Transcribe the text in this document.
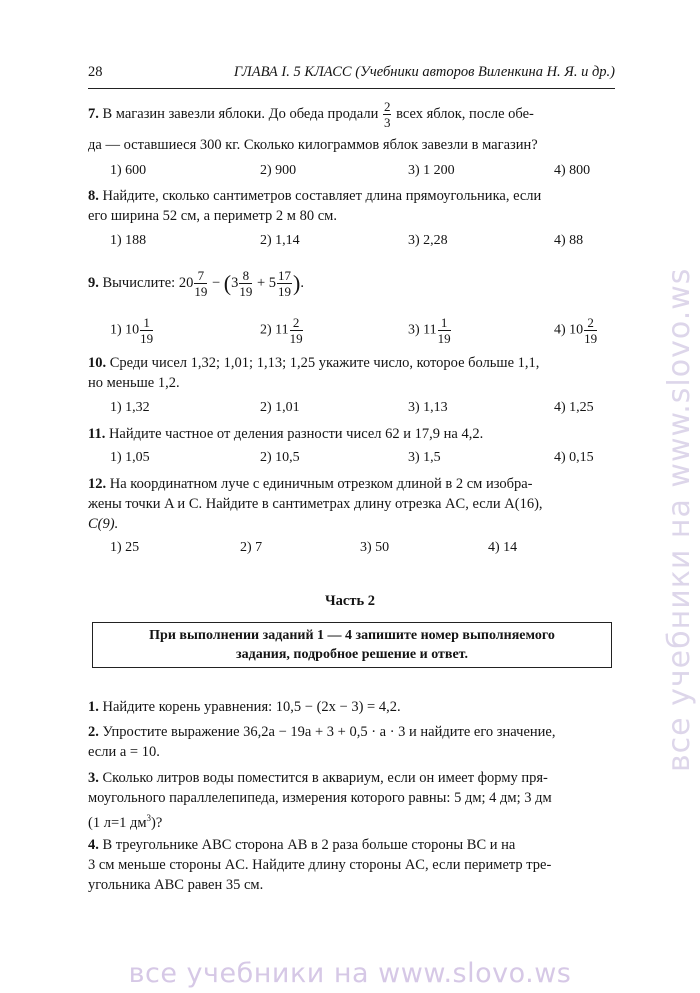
28	ГЛАВА I. 5 КЛАСС (Учебники авторов Виленкина Н. Я. и др.)
7. В магазин завезли яблоки. До обеда продали $\frac{2}{3}$ всех яблок, после обе-
да — оставшиеся 300 кг. Сколько килограммов яблок завезли в магазин?
1) 600	2) 900	3) 1 200	4) 800
8. Найдите, сколько сантиметров составляет длина прямоугольника, если
его ширина 52 см, а периметр 2 м 80 см.
1) 188	2) 1,14	3) 2,28	4) 88
9. Вычислите: $20 \frac{7}{19} - (3 \frac{8}{19} + 5 \frac{17}{19}$ ).
1) $10 \frac{1}{19}$	2) $11 \frac{2}{19}$	3) $11 \frac{1}{19}$	4) $10 \frac{2}{19}$
10. Среди чисел 1,32; 1,01; 1,13; 1,25 укажите число, которое больше 1,1,
но меньше 1,2.
1) 1,32	2) 1,01	3) 1,13	4) 1,25
11. Найдите частное от деления разности чисел 62 и 17,9 на 4,2.
1) 1,05	2) 10,5	3) 1,5	4) 0,15
12. На координатном луче с единичным отрезком длиной в 2 см изобра-
жены точки A и C. Найдите в сантиметрах длину отрезка AC, если A(16),
C(9).
1) 25	2) 7	3) 50	4) 14
Часть 2
При выполнении заданий 1 — 4 запишите номер выполняемого
задания, подробное решение и ответ.
1. Найдите корень уравнения: 10,5 − (2x − 3) = 4,2.
2. Упростите выражение 36,2a − 19a + 3 + 0,5 · a · 3 и найдите его значение,
если a = 10.
3. Сколько литров воды поместится в аквариум, если он имеет форму пря-
моугольного параллелепипеда, измерения которого равны: 5 дм; 4 дм; 3 дм
(1 л=1 $дм^3$)?
4. В треугольнике ABC сторона AB в 2 раза больше стороны BC и на
3 см меньше стороны AC. Найдите длину стороны AC, если периметр тре-
угольника ABC равен 35 см.
все учебники на www.slovo.ws
все учебники на www.slovo.ws
